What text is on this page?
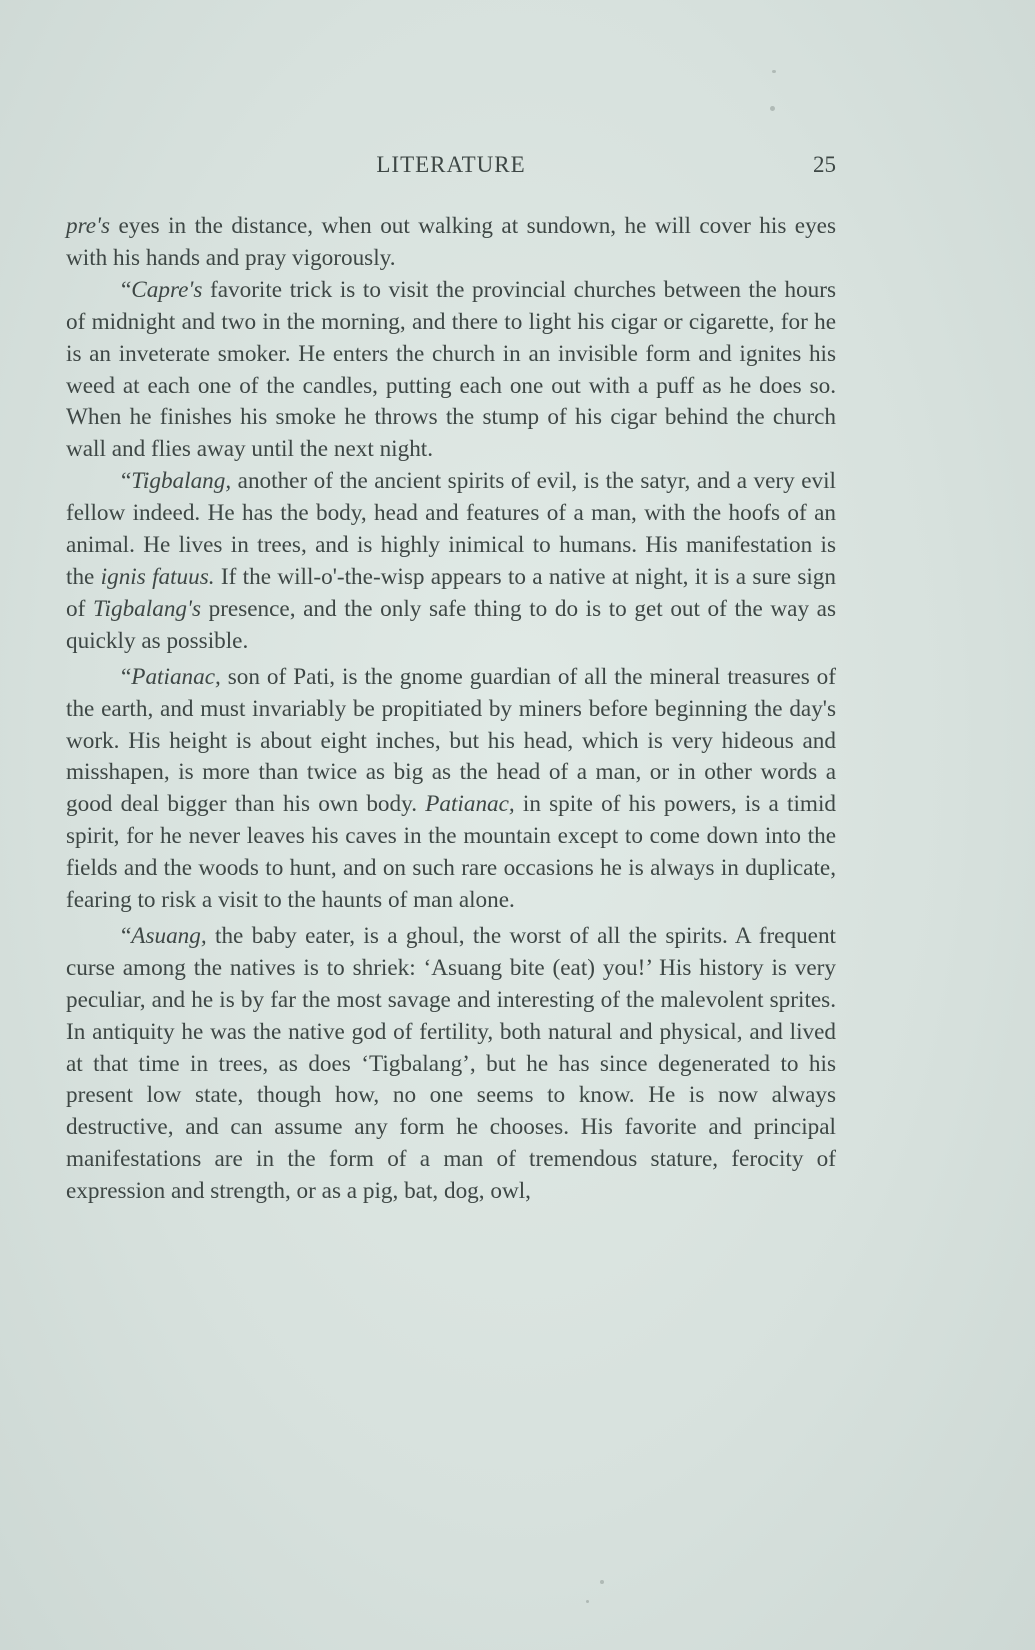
LITERATURE	25

pre's eyes in the distance, when out walking at sundown, he will cover his eyes with his hands and pray vigorously.

“Capre's favorite trick is to visit the provincial churches between the hours of midnight and two in the morning, and there to light his cigar or cigarette, for he is an inveterate smoker. He enters the church in an invisible form and ignites his weed at each one of the candles, putting each one out with a puff as he does so. When he finishes his smoke he throws the stump of his cigar behind the church wall and flies away until the next night.

“Tigbalang, another of the ancient spirits of evil, is the satyr, and a very evil fellow indeed. He has the body, head and features of a man, with the hoofs of an animal. He lives in trees, and is highly inimical to humans. His manifestation is the ignis fatuus. If the will-o'-the-wisp appears to a native at night, it is a sure sign of Tigbalang's presence, and the only safe thing to do is to get out of the way as quickly as possible.

“Patianac, son of Pati, is the gnome guardian of all the mineral treasures of the earth, and must invariably be propitiated by miners before beginning the day's work. His height is about eight inches, but his head, which is very hideous and misshapen, is more than twice as big as the head of a man, or in other words a good deal bigger than his own body. Patianac, in spite of his powers, is a timid spirit, for he never leaves his caves in the mountain except to come down into the fields and the woods to hunt, and on such rare occasions he is always in duplicate, fearing to risk a visit to the haunts of man alone.

“Asuang, the baby eater, is a ghoul, the worst of all the spirits. A frequent curse among the natives is to shriek: ‘Asuang bite (eat) you!’ His history is very peculiar, and he is by far the most savage and interesting of the malevolent sprites. In antiquity he was the native god of fertility, both natural and physical, and lived at that time in trees, as does ‘Tigbalang’, but he has since degenerated to his present low state, though how, no one seems to know. He is now always destructive, and can assume any form he chooses. His favorite and principal manifestations are in the form of a man of tremendous stature, ferocity of expression and strength, or as a pig, bat, dog, owl,
